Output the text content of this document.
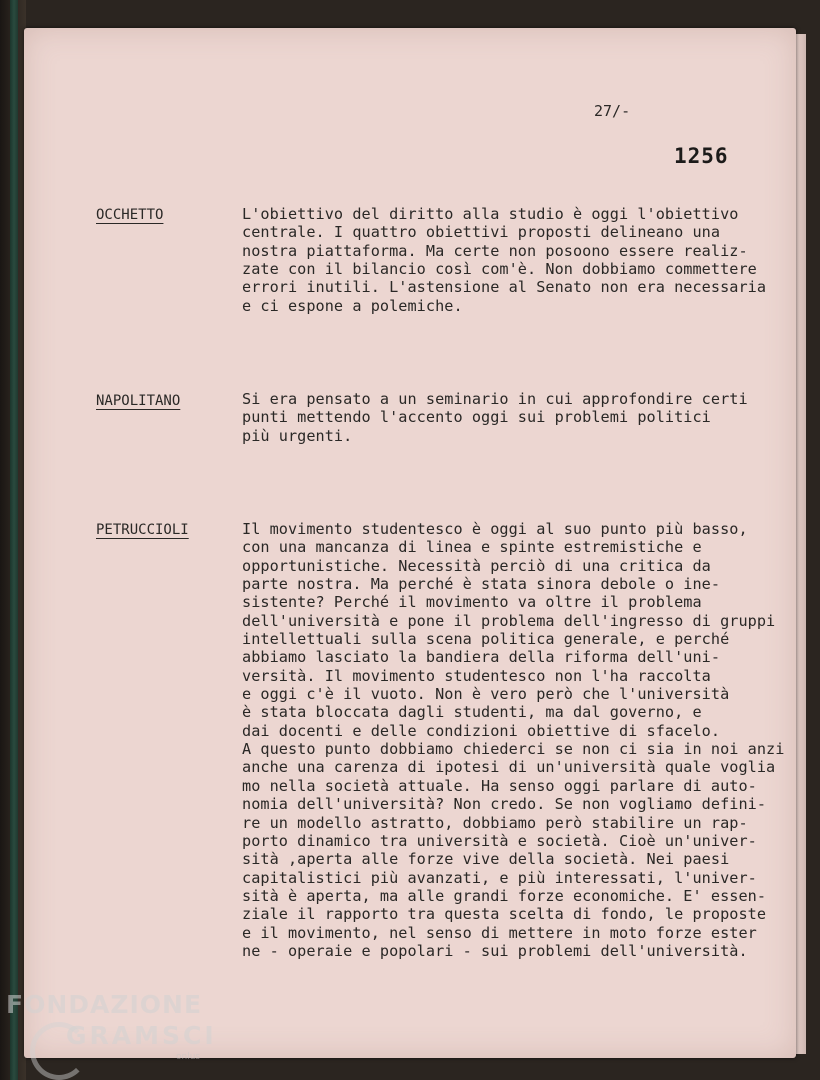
27/-
1256
OCCHETTO	L'obiettivo del diritto alla studio è oggi l'obiettivo

centrale. I quattro obiettivi proposti delineano una

nostra piattaforma. Ma certe non posoono essere realiz-

zate con il bilancio così com'è. Non dobbiamo commettere

errori inutili. L'astensione al Senato non era necessaria

e ci espone a polemiche.

NAPOLITANO	Si era pensato a un seminario in cui approfondire certi

punti mettendo l'accento oggi sui problemi politici

più urgenti.

PETRUCCIOLI	Il movimento studentesco è oggi al suo punto più basso,

con una mancanza di linea e spinte estremistiche e

opportunistiche. Necessità perciò di una critica da

parte nostra. Ma perché è stata sinora debole o ine-

sistente? Perché il movimento va oltre il problema

dell'università e pone il problema dell'ingresso di gruppi

intellettuali sulla scena politica generale, e perché

abbiamo lasciato la bandiera della riforma dell'uni-

versità. Il movimento studentesco non l'ha raccolta

e oggi c'è il vuoto. Non è vero però che l'università

è stata bloccata dagli studenti, ma dal governo, e

dai docenti e delle condizioni obiettive di sfacelo.

A questo punto dobbiamo chiederci se non ci sia in noi anzi

anche una carenza di ipotesi di un'università quale voglia

mo nella società attuale. Ha senso oggi parlare di auto-

nomia dell'università? Non credo. Se non vogliamo defini-

re un modello astratto, dobbiamo però stabilire un rap-

porto dinamico tra università e società. Cioè un'univer-

sità ,aperta alle forze vive della società. Nei paesi

capitalistici più avanzati, e più interessati, l'univer-

sità è aperta, ma alle grandi forze economiche. E' essen-

ziale il rapporto tra questa scelta di fondo, le proposte

e il movimento, nel senso di mettere in moto forze ester

ne - operaie e popolari - sui problemi dell'università.

FONDAZIONE
GRAMSCI
onlus
